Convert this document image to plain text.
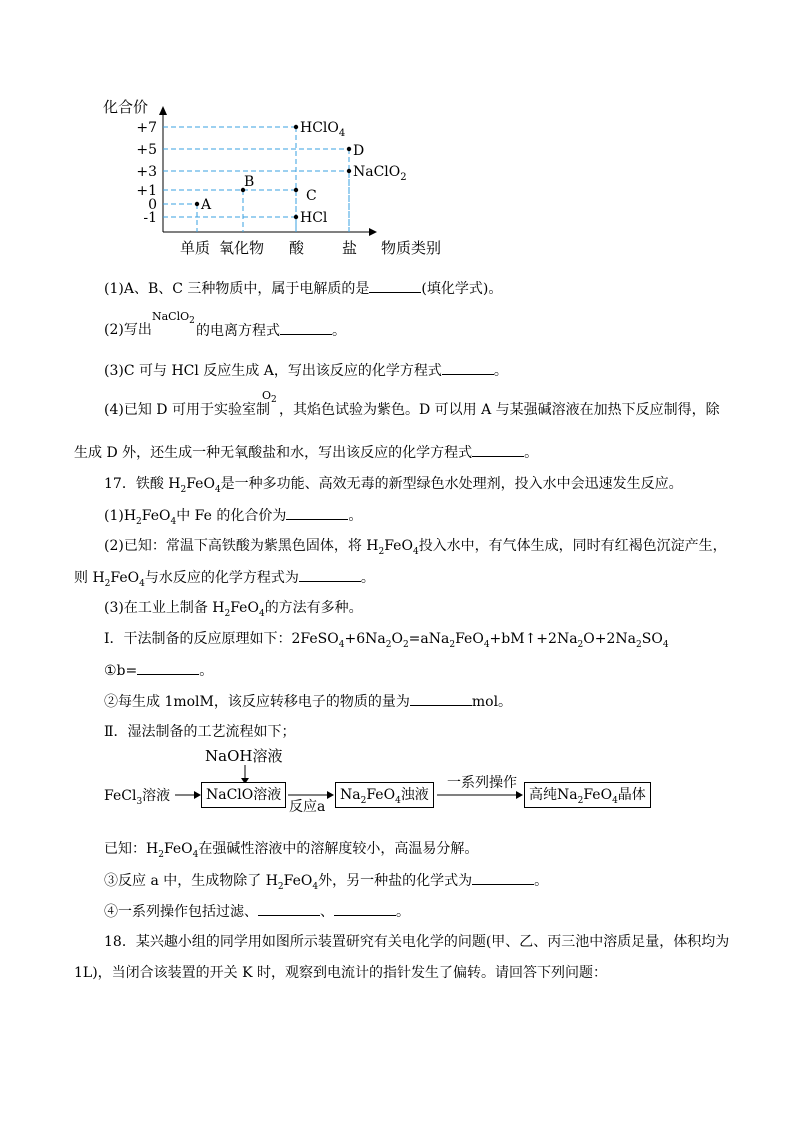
化合价
物质类别
+7
+5
+3
+1
0
-1
单质 氧化物 酸	盐
HClO$_4$
D
NaClO$_2$
B
C
A
HCl
(1)A、B、C 三种物质中，属于电解质的是	(填化学式)。
(2)写出
NaClO$_2$
的电离方程式	。
(3)C 可与 HCl 反应生成 A，写出该反应的化学方程式	。
(4)已知 D 可用于实验室制
$O_2$
，其焰色试验为紫色。D 可以用 A 与某强碱溶液在加热下反应制得，除
生成 D 外，还生成一种无氧酸盐和水，写出该反应的化学方程式	。
17．铁酸 $H_2FeO_4$是一种多功能、高效无毒的新型绿色水处理剂，投入水中会迅速发生反应。
$(1)H_2FeO_4$中 Fe 的化合价为	。
(2)已知：常温下高铁酸为紫黑色固体，将 $H_2FeO_4$投入水中，有气体生成，同时有红褐色沉淀产生，
则 $H_2FeO_4$与水反应的化学方程式为	。
(3)在工业上制备 $H_2FeO_4$的方法有多种。
Ⅰ．干法制备的反应原理如下：$2FeSO_4+6Na_2O_2=aNa_2FeO_4+bM↑+2Na_2O+2Na_2SO_4$
①b=	。
②每生成 1molM，该反应转移电子的物质的量为	mol。
Ⅱ．湿法制备的工艺流程如下；
NaOH溶液
FeCl$_3$溶液	NaClO溶液
反应a
$Na_2FeO_4$浊液
一系列操作
高纯$Na_2FeO_4$晶体
已知：$H_2FeO_4$在强碱性溶液中的溶解度较小，高温易分解。
③反应 a 中，生成物除了 $H_2FeO_4$外，另一种盐的化学式为	。
④一系列操作包括过滤、	、	。
18．某兴趣小组的同学用如图所示装置研究有关电化学的问题(甲、乙、丙三池中溶质足量，体积均为
1L)，当闭合该装置的开关 K 时，观察到电流计的指针发生了偏转。请回答下列问题：
